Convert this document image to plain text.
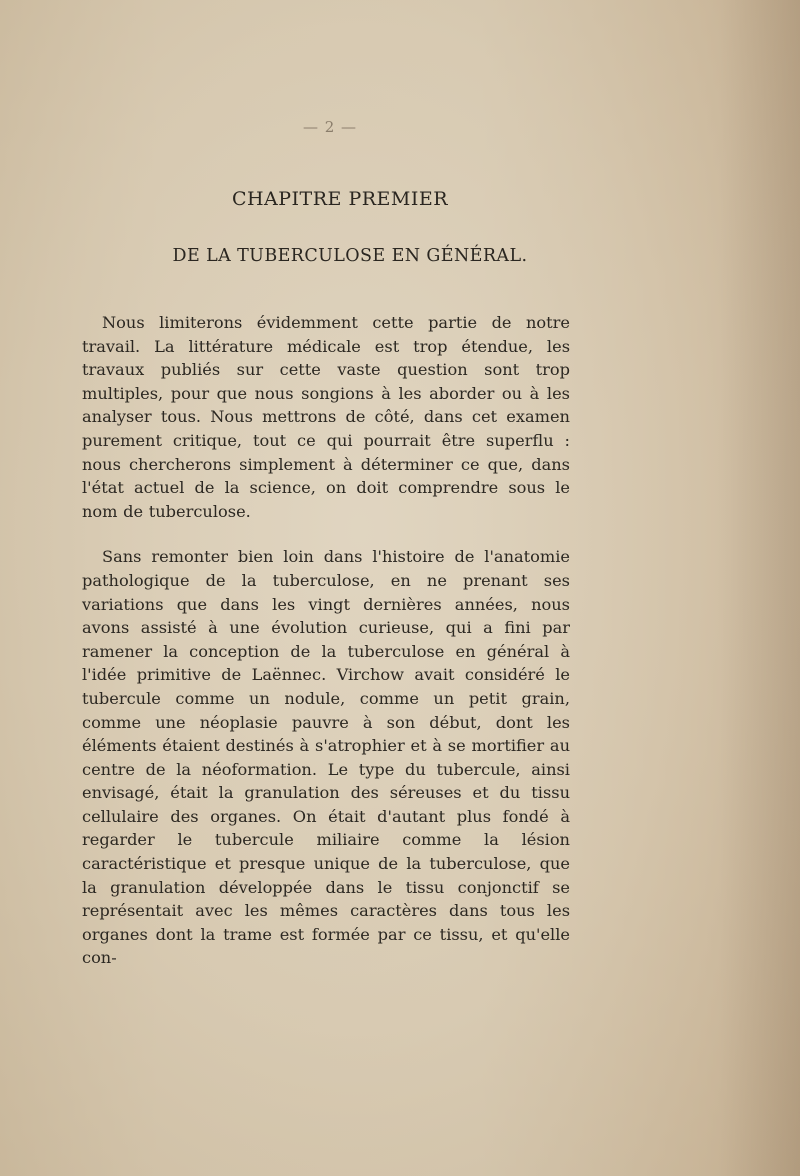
— 2 —
CHAPITRE PREMIER
DE LA TUBERCULOSE EN GÉNÉRAL.

Nous limiterons évidemment cette partie de notre travail. La littérature médicale est trop étendue, les travaux publiés sur cette vaste question sont trop multiples, pour que nous songions à les aborder ou à les analyser tous. Nous mettrons de côté, dans cet examen purement critique, tout ce qui pourrait être superflu : nous chercherons simplement à déterminer ce que, dans l'état actuel de la science, on doit comprendre sous le nom de tuberculose.

Sans remonter bien loin dans l'histoire de l'anatomie pathologique de la tuberculose, en ne prenant ses variations que dans les vingt dernières années, nous avons assisté à une évolution curieuse, qui a fini par ramener la conception de la tuberculose en général à l'idée primitive de Laënnec. Virchow avait considéré le tubercule comme un nodule, comme un petit grain, comme une néoplasie pauvre à son début, dont les éléments étaient destinés à s'atrophier et à se mortifier au centre de la néoformation. Le type du tubercule, ainsi envisagé, était la granulation des séreuses et du tissu cellulaire des organes. On était d'autant plus fondé à regarder le tubercule miliaire comme la lésion caractéristique et presque unique de la tuberculose, que la granulation développée dans le tissu conjonctif se représentait avec les mêmes caractères dans tous les organes dont la trame est formée par ce tissu, et qu'elle con-
